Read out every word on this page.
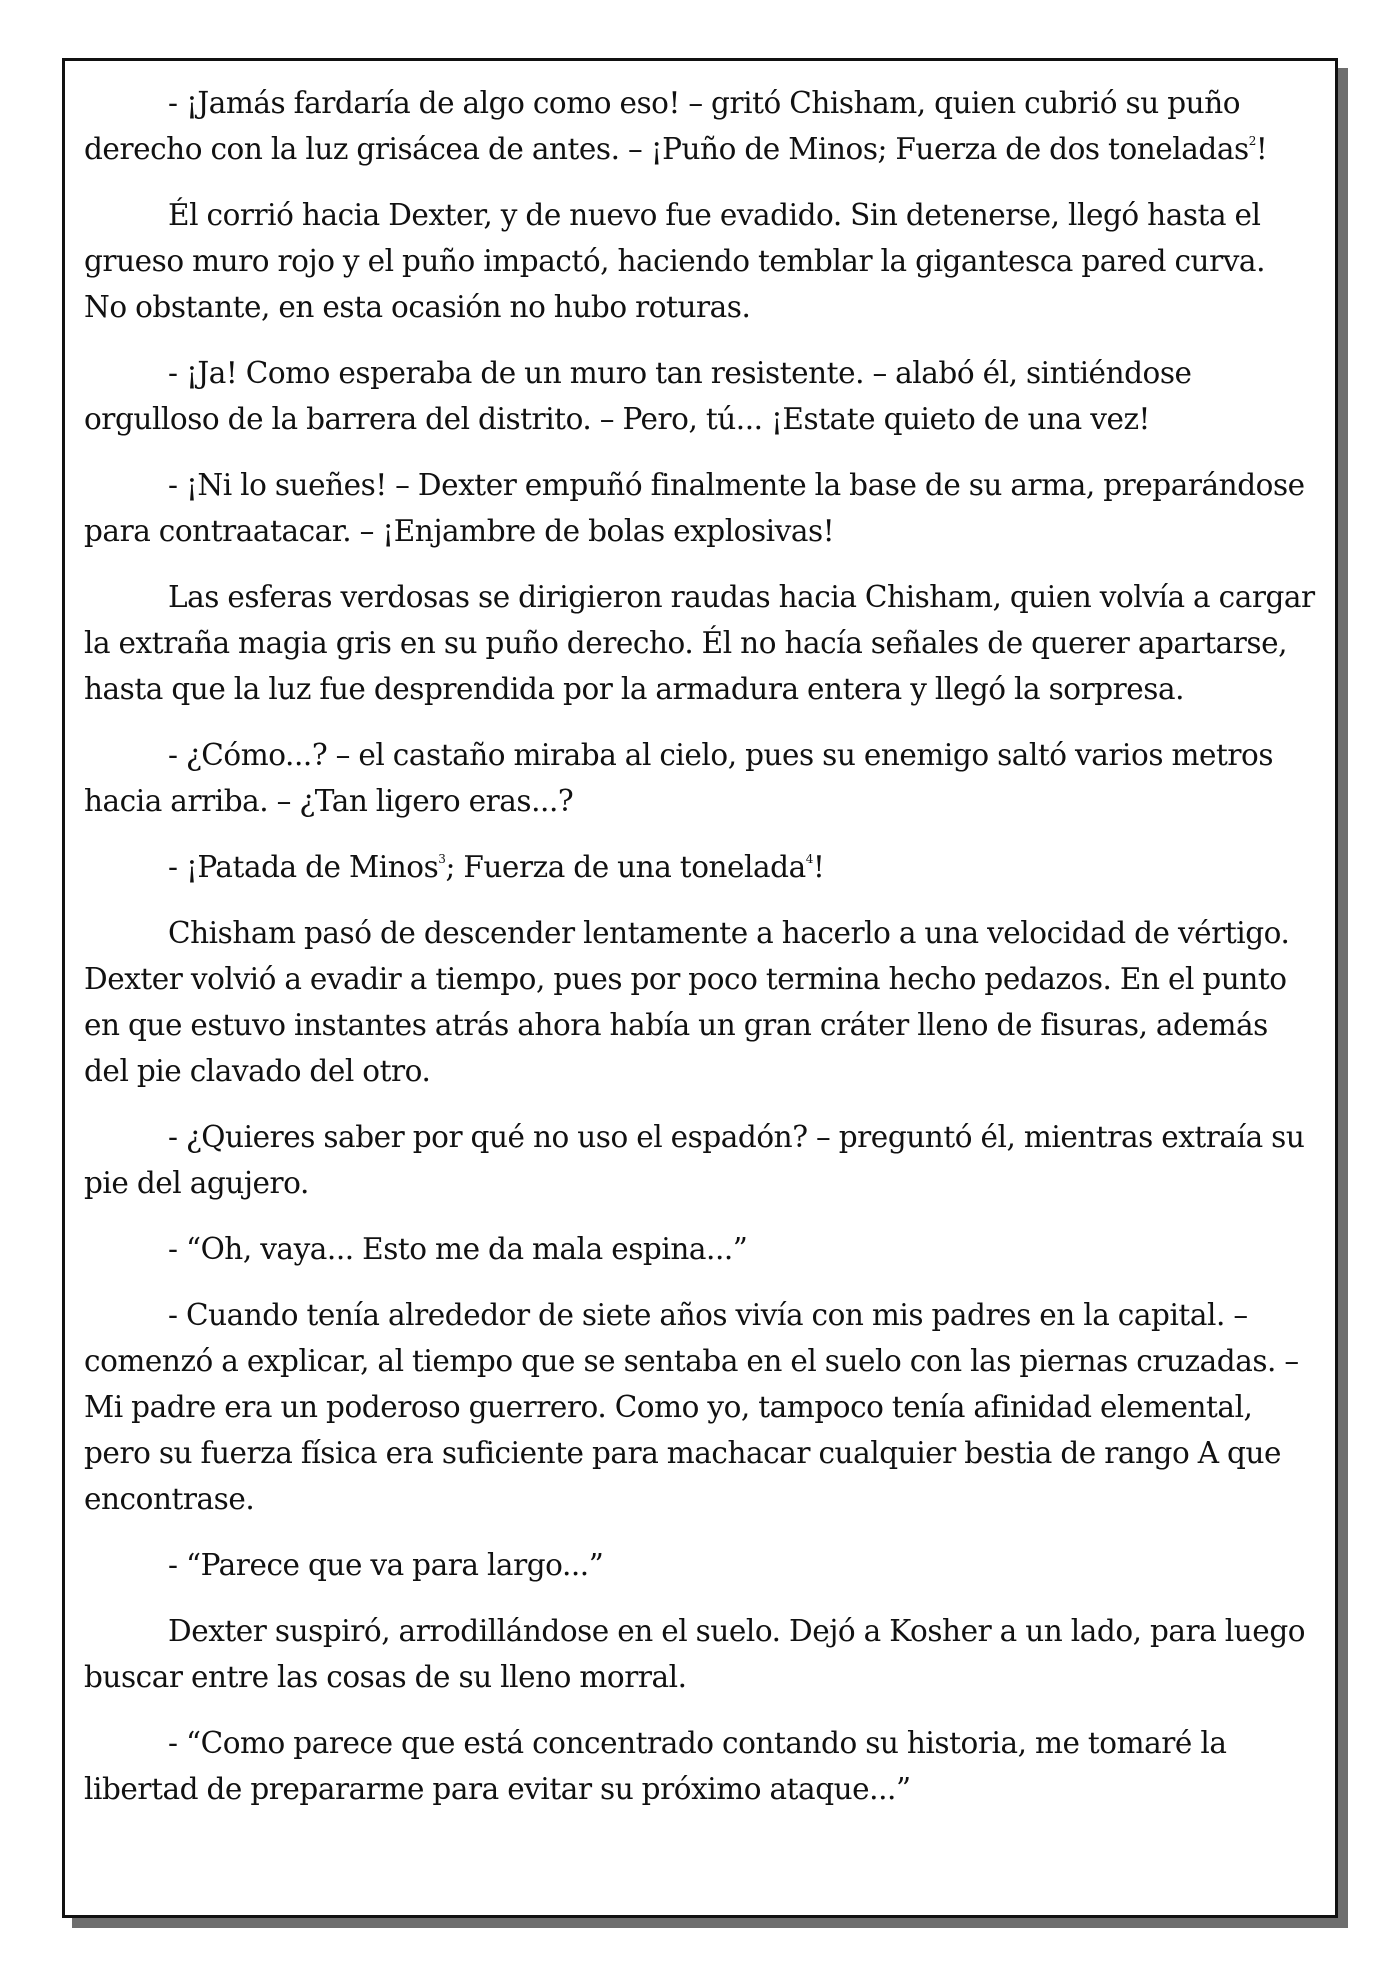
- ¡Jamás fardaría de algo como eso! – gritó Chisham, quien cubrió su puño derecho con la luz grisácea de antes. – ¡Puño de Minos; Fuerza de dos toneladas$^2$!

Él corrió hacia Dexter, y de nuevo fue evadido. Sin detenerse, llegó hasta el grueso muro rojo y el puño impactó, haciendo temblar la gigantesca pared curva. No obstante, en esta ocasión no hubo roturas.

- ¡Ja! Como esperaba de un muro tan resistente. – alabó él, sintiéndose orgulloso de la barrera del distrito. – Pero, tú... ¡Estate quieto de una vez!

- ¡Ni lo sueñes! – Dexter empuñó finalmente la base de su arma, preparándose para contraatacar. – ¡Enjambre de bolas explosivas!

Las esferas verdosas se dirigieron raudas hacia Chisham, quien volvía a cargar la extraña magia gris en su puño derecho. Él no hacía señales de querer apartarse, hasta que la luz fue desprendida por la armadura entera y llegó la sorpresa.

- ¿Cómo...? – el castaño miraba al cielo, pues su enemigo saltó varios metros hacia arriba. – ¿Tan ligero eras...?

- ¡Patada de Minos$^3$; Fuerza de una tonelada$^4$!

Chisham pasó de descender lentamente a hacerlo a una velocidad de vértigo. Dexter volvió a evadir a tiempo, pues por poco termina hecho pedazos. En el punto en que estuvo instantes atrás ahora había un gran cráter lleno de fisuras, además del pie clavado del otro.

- ¿Quieres saber por qué no uso el espadón? – preguntó él, mientras extraía su pie del agujero.

- “Oh, vaya... Esto me da mala espina...”

- Cuando tenía alrededor de siete años vivía con mis padres en la capital. – comenzó a explicar, al tiempo que se sentaba en el suelo con las piernas cruzadas. – Mi padre era un poderoso guerrero. Como yo, tampoco tenía afinidad elemental, pero su fuerza física era suficiente para machacar cualquier bestia de rango A que encontrase.

- “Parece que va para largo...”

Dexter suspiró, arrodillándose en el suelo. Dejó a Kosher a un lado, para luego buscar entre las cosas de su lleno morral.

- “Como parece que está concentrado contando su historia, me tomaré la libertad de prepararme para evitar su próximo ataque...”
